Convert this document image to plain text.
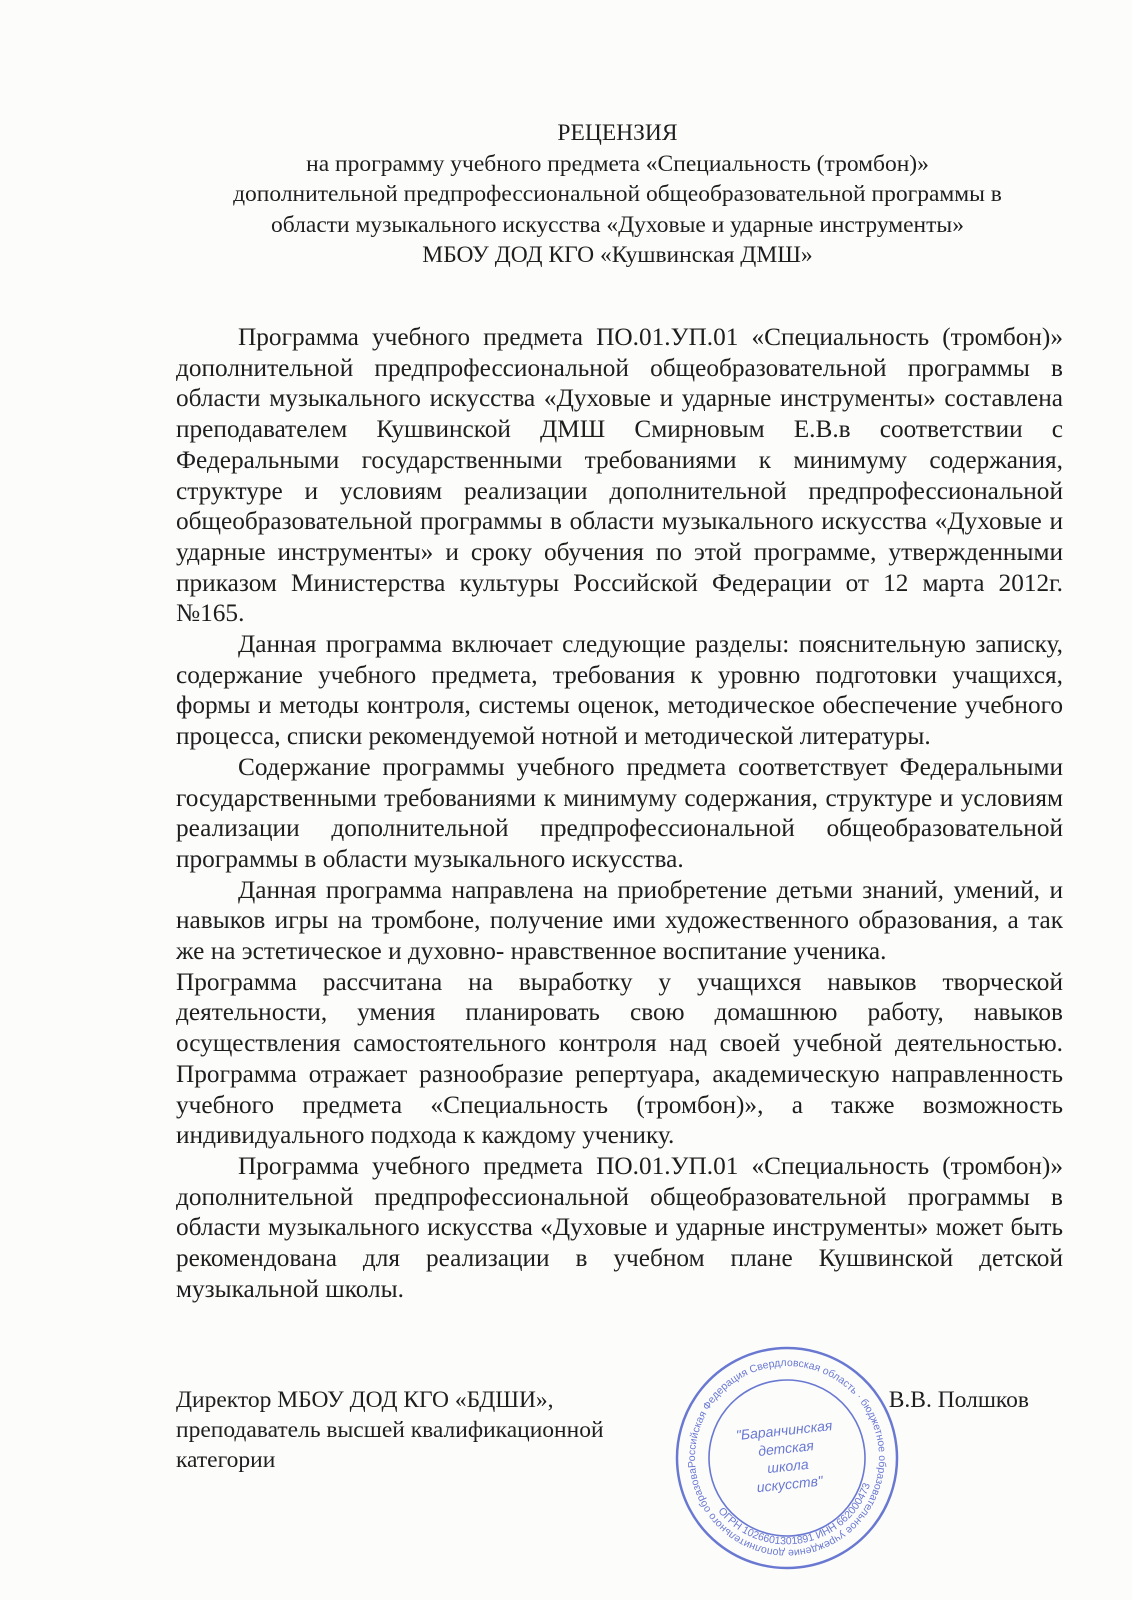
РЕЦЕНЗИЯ
на программу учебного предмета «Специальность (тромбон)»
дополнительной предпрофессиональной общеобразовательной программы в
области музыкального искусства «Духовые и ударные инструменты»
МБОУ ДОД КГО «Кушвинская ДМШ»

Программа учебного предмета ПО.01.УП.01 «Специальность (тромбон)» дополнительной предпрофессиональной общеобразовательной программы в области музыкального искусства «Духовые и ударные инструменты» составлена преподавателем Кушвинской ДМШ Смирновым Е.В.в соответствии с Федеральными государственными требованиями к минимуму содержания, структуре и условиям реализации дополнительной предпрофессиональной общеобразовательной программы в области музыкального искусства «Духовые и ударные инструменты» и сроку обучения по этой программе, утвержденными приказом Министерства культуры Российской Федерации от 12 марта 2012г. №165.

Данная программа включает следующие разделы: пояснительную записку, содержание учебного предмета, требования к уровню подготовки учащихся, формы и методы контроля, системы оценок, методическое обеспечение учебного процесса, списки рекомендуемой нотной и методической литературы.

Содержание программы учебного предмета соответствует Федеральными государственными требованиями к минимуму содержания, структуре и условиям реализации дополнительной предпрофессиональной общеобразовательной программы в области музыкального искусства.

Данная программа направлена на приобретение детьми знаний, умений, и навыков игры на тромбоне, получение ими художественного образования, а так же на эстетическое и духовно- нравственное воспитание ученика.

Программа рассчитана на выработку у учащихся навыков творческой деятельности, умения планировать свою домашнюю работу, навыков осуществления самостоятельного контроля над своей учебной деятельностью. Программа отражает разнообразие репертуара, академическую направленность учебного предмета «Специальность (тромбон)», а также возможность индивидуального подхода к каждому ученику.

Программа учебного предмета ПО.01.УП.01 «Специальность (тромбон)» дополнительной предпрофессиональной общеобразовательной программы в области музыкального искусства «Духовые и ударные инструменты» может быть рекомендована для реализации в учебном плане Кушвинской детской музыкальной школы.

Российская Федерация Свердловская область · бюджетное образовательное учреждение дополнительного образования
ОГРН 1026601301891 ИНН 6620004736
"Баранчинская
детская
школа
искусств"
Директор МБОУ ДОД КГО «БДШИ»,
преподаватель высшей квалификационной
категории
В.В. Полшков
